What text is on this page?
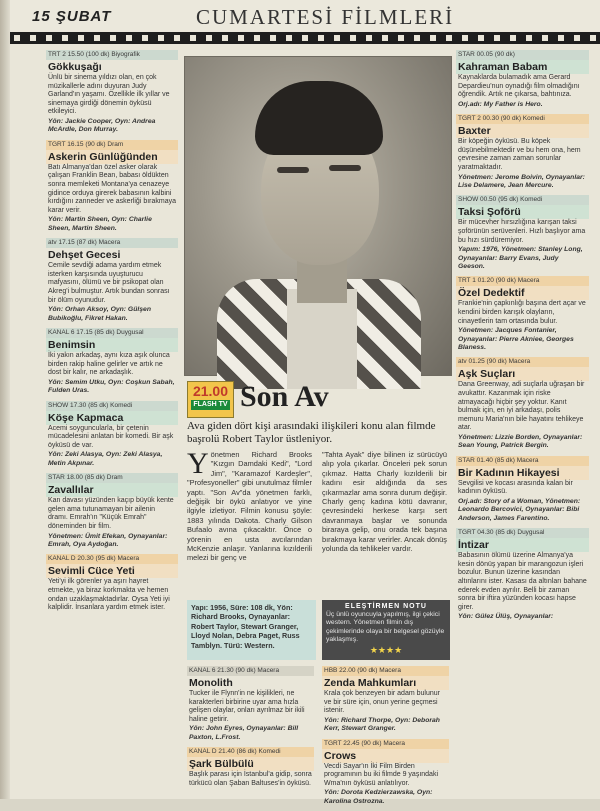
15 ŞUBAT	CUMARTESİ FİLMLERİ
TRT 2 15.50 (100 dk) Biyografik
Gökkuşağı
Ünlü bir sinema yıldızı olan, en çok müzikallerle adını duyuran Judy Garland'ın yaşamı. Özellikle ilk yıllar ve sinemaya girdiği dönemin öyküsü etkileyici.
Yön: Jackie Cooper, Oyn: Andrea McArdle, Don Murray.
TGRT 16.15 (90 dk) Dram
Askerin Günlüğünden
Batı Almanya'dan özel asker olarak çalışan Franklin Bean, babası öldükten sonra memleketi Montana'ya cenazeye gidince orduya girerek babasının kalbini kırdığını zanneder ve askerliği bırakmaya karar verir.
Yön: Martin Sheen, Oyn: Charlie Sheen, Martin Sheen.
atv 17.15 (87 dk) Macera
Dehşet Gecesi
Cemile sevdiği adama yardım etmek isterken karşısında uyuşturucu mafyasını, ölümü ve bir psikopat olan Akreg'i bulmuştur. Artık bundan sonrası bir ölüm oyunudur.
Yön: Orhan Aksoy, Oyn: Gülşen Bubikoğlu, Fikret Hakan.
KANAL 6 17.15 (85 dk) Duygusal
Benimsin
İki yakın arkadaş, aynı kıza aşık olunca birden rakip haline gelirler ve artık ne dost bir kalır, ne arkadaşlık.
Yön: Semim Utku, Oyn: Coşkun Sabah, Fulden Uras.
SHOW 17.30 (85 dk) Komedi
Köşe Kapmaca
Acemi soyguncularla, bir çetenin mücadelesini anlatan bir komedi. Bir aşk öyküsü de var.
Yön: Zeki Alasya, Oyn: Zeki Alasya, Metin Akpınar.
STAR 18.00 (85 dk) Dram
Zavallılar
Kan davası yüzünden kaçıp büyük kente gelen ama tutunamayan bir ailenin dramı. Emrah'ın "Küçük Emrah" döneminden bir film.
Yönetmen: Ümit Efekan, Oynayanlar: Emrah, Oya Aydoğan.
KANAL D 20.30 (95 dk) Macera
Sevimli Cüce Yeti
Yeti'yi ilk görenler ya aşırı hayret etmekte, ya biraz korkmakta ve hemen ondan uzaklaşmaktadırlar. Oysa Yeti iyi kalplidir. İnsanlara yardım etmek ister.
21.00
FLASH TV Son Av
Ava giden dört kişi arasındaki ilişkileri konu alan filmde başrolü Robert Taylor üstleniyor.
Yönetmen Richard Brooks "Kızgın Damdaki Kedi", "Lord Jim", "Karamazof Kardeşler", "Profesyoneller" gibi unutulmaz filmler yaptı. "Son Av"da yönetmen farklı, değişik bir öykü anlatıyor ve yine ilgiyle izletiyor. Filmin konusu şöyle: 1883 yılında Dakota. Charly Gilson Bufaalo avına çıkacaktır. Önce o yörenin en usta avcılarından McKenzie anlaşır. Yanlarına kızılderili melezi bir genç ve
"Tahta Ayak" diye bilinen iz sürücüyü alıp yola çıkarlar. Önceleri pek sorun çıkmaz. Hatta Charly kızılderili bir kadını esir aldığında da ses çıkarmazlar ama sonra durum değişir. Charly genç kadına kötü davranır, çevresindeki herkese karşı sert davranmaya başlar ve sonunda biraraya gelip, onu orada tek başına bırakmaya karar verirler. Ancak dönüş yolunda da tehlikeler vardır.
Yapı: 1956, Süre: 108 dk, Yön: Richard Brooks, Oynayanlar: Robert Taylor, Stewart Granger, Lloyd Nolan, Debra Paget, Russ Tamblyn. Türü: Western.
ELEŞTİRMEN NOTU
Üç ünlü oyuncuyla yapılmış, ilgi çekici western. Yönetmen filmin dış çekimlerinde olaya bir belgesel gözüyle yaklaşmış.
★★★★
KANAL 6 21.30 (90 dk) Macera
Monolith
Tucker ile Flynn'in ne kişilikleri, ne karakterleri birbirine uyar ama hızla gelişen olaylar, onları ayrılmaz bir ikili haline getirir.
Yön: John Eyres, Oynayanlar: Bill Paxton, L.Frost.
KANAL D 21.40 (86 dk) Komedi
Şark Bülbülü
Başlık parası için İstanbul'a gidip, sonra türkücü olan Şaban Baltuses'in öyküsü.
HBB 22.00 (90 dk) Macera
Zenda Mahkumları
Krala çok benzeyen bir adam bulunur ve bir süre için, onun yerine geçmesi istenir.
Yön: Richard Thorpe, Oyn: Deborah Kerr, Stewart Granger.
TGRT 22.45 (90 dk) Macera
Crows
Vecdi Sayar'ın İki Film Birden programının bu iki filmde 9 yaşındaki Wma'nın öyküsü anlatılıyor.
Yön: Dorota Kedzierzawska, Oyn: Karolina Ostrozna.
STAR 00.05 (90 dk)
Kahraman Babam
Kaynaklarda bulamadık ama Gerard Depardieu'nun oynadığı film olmadığını öğrendik. Artık ne çıkarsa, bahtınıza.
Orj.adı: My Father is Hero.
TGRT 2 00.30 (90 dk) Komedi
Baxter
Bir köpeğin öyküsü. Bu köpek düşünebilmektedir ve bu hem ona, hem çevresine zaman zaman sorunlar yaratmaktadır.
Yönetmen: Jerome Boivin, Oynayanlar: Lise Delamere, Jean Mercure.
SHOW 00.50 (95 dk) Komedi
Taksi Şoförü
Bir mücevher hırsızlığına karışan taksi şoförünün serüvenleri. Hızlı başlıyor ama bu hızı sürdüremiyor.
Yapım: 1976, Yönetmen: Stanley Long, Oynayanlar: Barry Evans, Judy Geeson.
TRT 1 01.20 (90 dk) Macera
Özel Dedektif
Frankie'nin çapkınlığı başına dert açar ve kendini birden karışık olayların, cinayetlerin tam ortasında bulur.
Yönetmen: Jacques Fontanier, Oynayanlar: Pierre Akniee, Georges Blaness.
atv 01.25 (90 dk) Macera
Aşk Suçları
Dana Greenway, adi suçlarla uğraşan bir avukattır. Kazanmak için riske atmayacağı hiçbir şey yoktur. Kanıt bulmak için, en iyi arkadaşı, polis memuru Maria'nın bile hayatını tehlikeye atar.
Yönetmen: Lizzie Borden, Oynayanlar: Sean Young, Patrick Bergin.
STAR 01.40 (85 dk) Macera
Bir Kadının Hikayesi
Sevgilisi ve kocası arasında kalan bir kadının öyküsü.
Orj.adı: Story of a Woman, Yönetmen: Leonardo Bercovici, Oynayanlar: Bibi Anderson, James Farentino.
TGRT 04.30 (85 dk) Duygusal
İntizar
Babasının ölümü üzerine Almanya'ya kesin dönüş yapan bir marangozun işleri bozulur. Bunun üzerine kasından altınlarını ister. Kasası da altınları bahane ederek evden ayrılır. Belli bir zaman sonra bir iftira yüzünden kocası hapse girer.
Yön: Gülez Ülüş, Oynayanlar:
